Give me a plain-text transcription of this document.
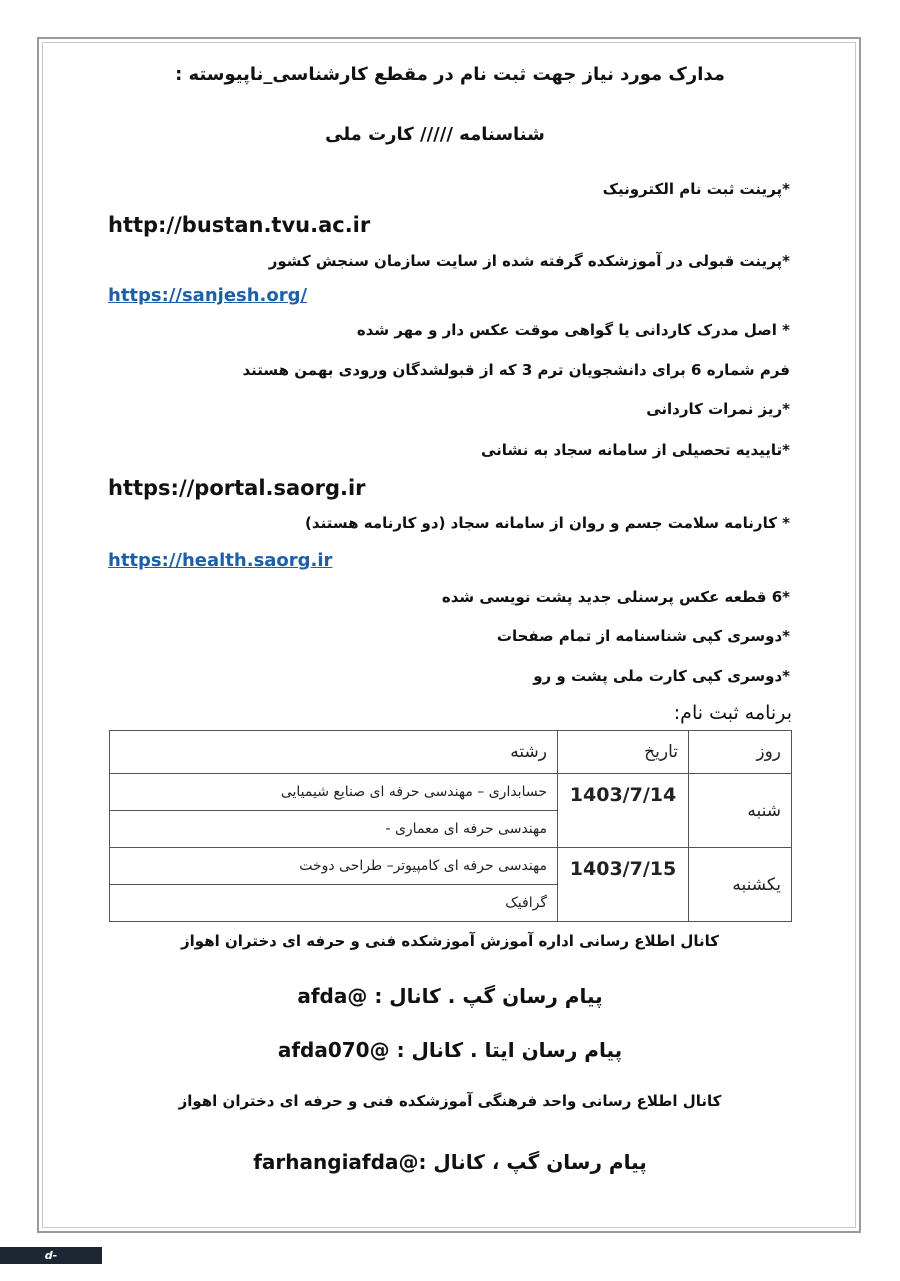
مدارک مورد نیاز جهت ثبت نام در مقطع کارشناسی_ناپیوسته :
شناسنامه ///// کارت ملی
*پرینت ثبت نام الکترونیک
http://bustan.tvu.ac.ir
*پرینت قبولی در آموزشکده گرفته شده از سایت سازمان سنجش کشور
https://sanjesh.org/
* اصل مدرک کاردانی یا گواهی موقت عکس دار و مهر شده
فرم شماره 6 برای دانشجویان ترم 3 که از قبولشدگان ورودی بهمن هستند
*ریز نمرات کاردانی
*تاییدیه تحصیلی از سامانه سجاد به نشانی
https://portal.saorg.ir
* کارنامه سلامت جسم و روان از سامانه سجاد (دو کارنامه هستند)
https://health.saorg.ir
*6 قطعه عکس پرسنلی جدید پشت نویسی شده
*دوسری کپی شناسنامه از تمام صفحات
*دوسری کپی کارت ملی پشت و رو
برنامه ثبت نام:
روز	تاریخ	رشته
شنبه	1403/7/14	حسابداری – مهندسی حرفه ای صنایع شیمیایی
		مهندسی حرفه ای معماری -
یکشنبه	1403/7/15	مهندسی حرفه ای کامپیوتر– طراحی دوخت
		گرافیک
کانال اطلاع رسانی اداره آموزش آموزشکده فنی و حرفه ای دختران اهواز
پیام رسان گپ . کانال : @afda
پیام رسان ایتا . کانال : @afda070
کانال اطلاع رسانی واحد فرهنگی آموزشکده فنی و حرفه ای دختران اهواز
پیام رسان گپ ، کانال :@farhangiafda
d-ahvaz.nus.ac.ir
